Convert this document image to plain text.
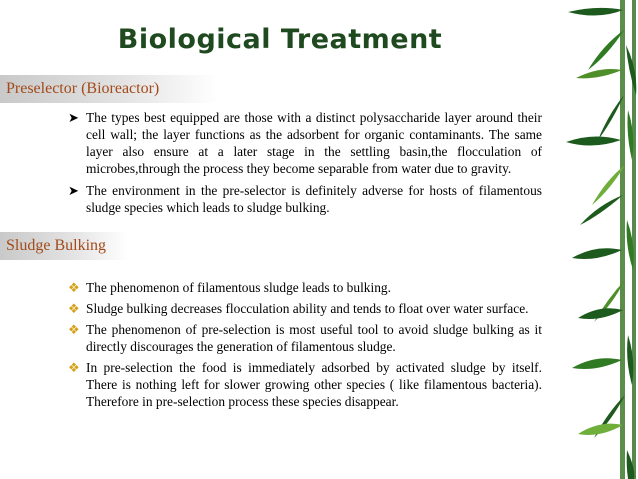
Biological Treatment
Preselector (Bioreactor)
➤ The types best equipped are those with a distinct polysaccharide layer around their cell wall; the layer functions as the adsorbent for organic contaminants. The same layer also ensure at a later stage in the settling basin,the flocculation of microbes,through the process they become separable from water due to gravity.
➤ The environment in the pre-selector is definitely adverse for hosts of filamentous sludge species which leads to sludge bulking.
Sludge Bulking
❖ The phenomenon of filamentous sludge leads to bulking.
❖ Sludge bulking decreases flocculation ability and tends to float over water surface.
❖ The phenomenon of pre-selection is most useful tool to avoid sludge bulking as it directly discourages the generation of filamentous sludge.
❖ In pre-selection the food is immediately adsorbed by activated sludge by itself. There is nothing left for slower growing other species ( like filamentous bacteria). Therefore in pre-selection process these species disappear.
